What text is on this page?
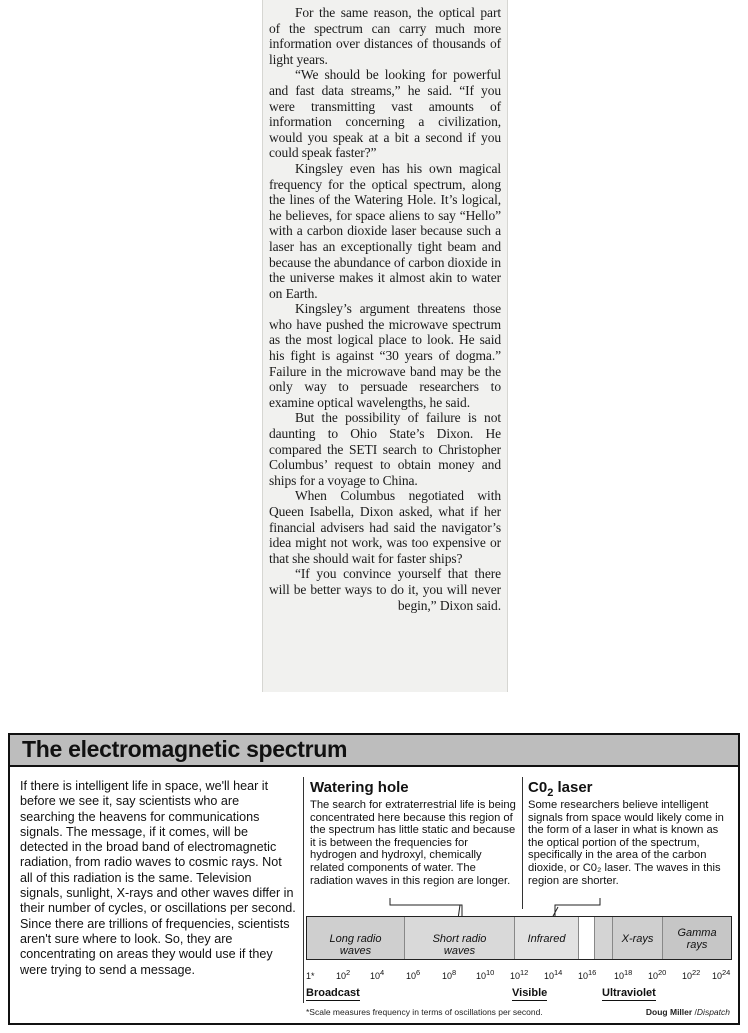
For the same reason, the optical part of the spectrum can carry much more information over distances of thousands of light years.

“We should be looking for powerful and fast data streams,” he said. “If you were transmitting vast amounts of information concerning a civilization, would you speak at a bit a second if you could speak faster?”

Kingsley even has his own magical frequency for the optical spectrum, along the lines of the Watering Hole. It’s logical, he believes, for space aliens to say “Hello” with a carbon dioxide laser because such a laser has an exceptionally tight beam and because the abundance of carbon dioxide in the universe makes it almost akin to water on Earth.

Kingsley’s argument threatens those who have pushed the microwave spectrum as the most logical place to look. He said his fight is against “30 years of dogma.” Failure in the microwave band may be the only way to persuade researchers to examine optical wavelengths, he said.

But the possibility of failure is not daunting to Ohio State’s Dixon. He compared the SETI search to Christopher Columbus’ request to obtain money and ships for a voyage to China.

When Columbus negotiated with Queen Isabella, Dixon asked, what if her financial advisers had said the navigator’s idea might not work, was too expensive or that she should wait for faster ships?

“If you convince yourself that there will be better ways to do it, you will never begin,” Dixon said.

The electromagnetic spectrum
If there is intelligent life in space, we'll hear it before we see it, say scientists who are searching the heavens for communications signals. The message, if it comes, will be detected in the broad band of electromagnetic radiation, from radio waves to cosmic rays. Not all of this radiation is the same. Television signals, sunlight, X-rays and other waves differ in their number of cycles, or oscillations per second. Since there are trillions of frequencies, scientists aren't sure where to look. So, they are concentrating on areas they would use if they were trying to send a message.
Watering hole
The search for extraterrestrial life is being concentrated here because this region of the spectrum has little static and because it is between the frequencies for hydrogen and hydroxyl, chemically related components of water. The radiation waves in this region are longer.
$C0_2$ laser
Some researchers believe intelligent signals from space would likely come in the form of a laser in what is known as the optical portion of the spectrum, specifically in the area of the carbon dioxide, or C0₂ laser. The waves in this region are shorter.
Long radio
waves
Short radio
waves
Infrared	X-rays	Gamma
rays
1* $10^2$ $10^4$ $10^6$ $10^8$ $10^{10}$ $10^{12}$ $10^{14}$ $10^{16}$ $10^{18}$ $10^{20}$ $10^{22}$ $10^{24}$
Broadcast	Visible	Ultraviolet
*Scale measures frequency in terms of oscillations per second.	Doug Miller /Dispatch
